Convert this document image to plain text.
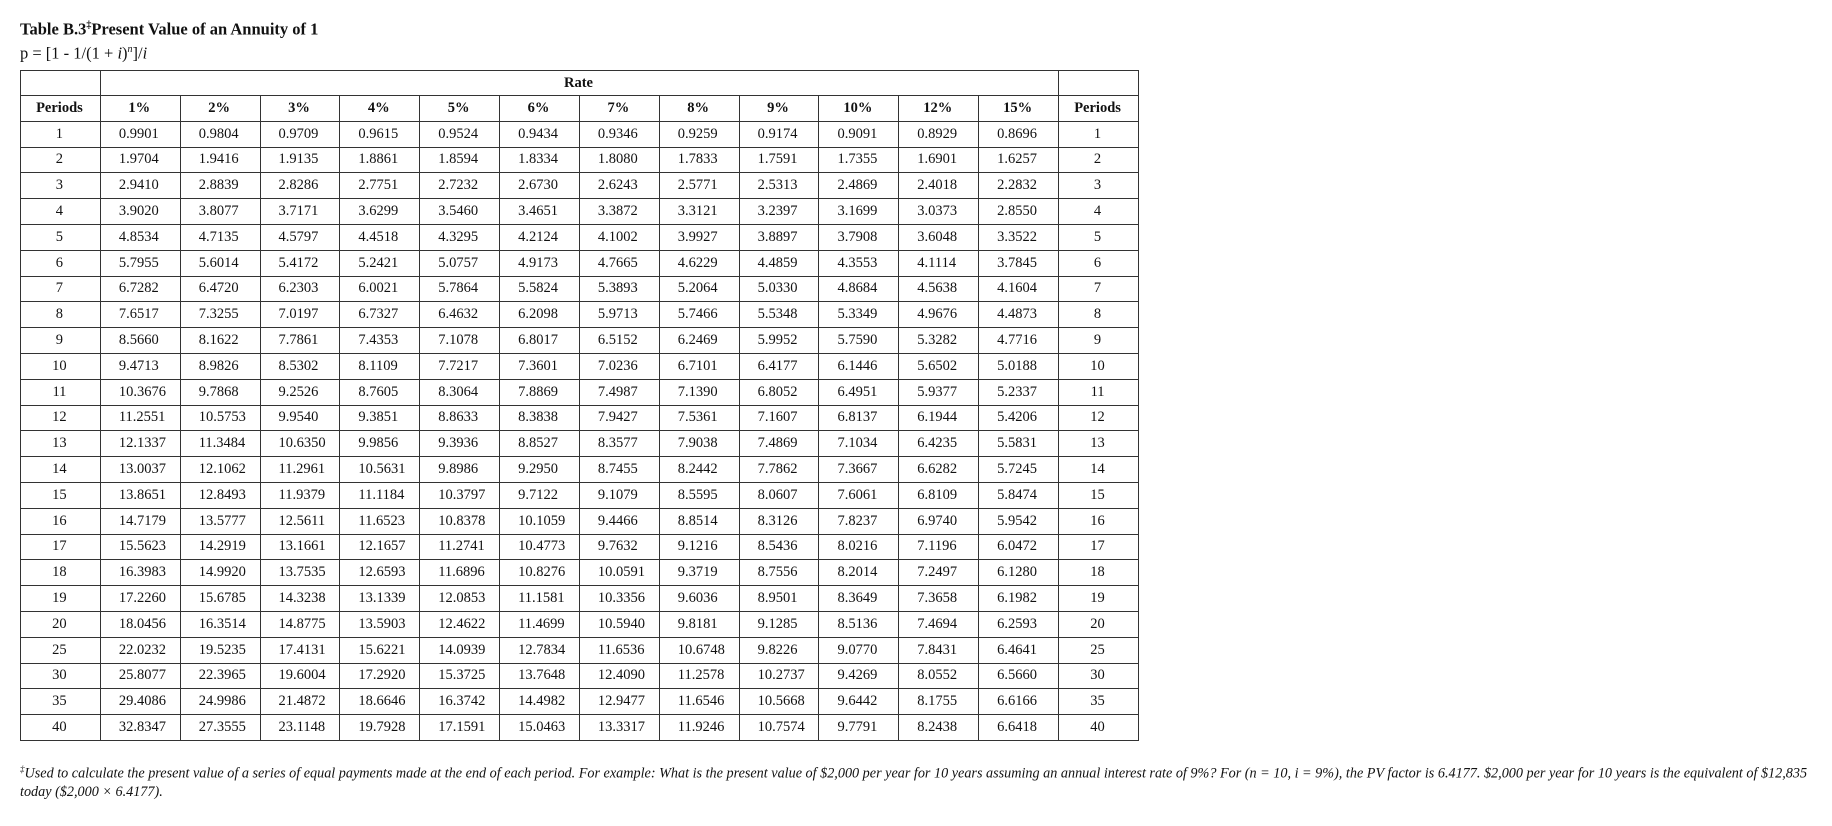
Table B.3‡Present Value of an Annuity of 1
$p = [1 - 1/(1 + i)^n]/i$
	Rate												
Periods	1%	2%	3%	4%	5%	6%	7%	8%	9%	10%	12%	15%	Periods
1	0.9901	0.9804	0.9709	0.9615	0.9524	0.9434	0.9346	0.9259	0.9174	0.9091	0.8929	0.8696	1
2	1.9704	1.9416	1.9135	1.8861	1.8594	1.8334	1.8080	1.7833	1.7591	1.7355	1.6901	1.6257	2
3	2.9410	2.8839	2.8286	2.7751	2.7232	2.6730	2.6243	2.5771	2.5313	2.4869	2.4018	2.2832	3
4	3.9020	3.8077	3.7171	3.6299	3.5460	3.4651	3.3872	3.3121	3.2397	3.1699	3.0373	2.8550	4
5	4.8534	4.7135	4.5797	4.4518	4.3295	4.2124	4.1002	3.9927	3.8897	3.7908	3.6048	3.3522	5
6	5.7955	5.6014	5.4172	5.2421	5.0757	4.9173	4.7665	4.6229	4.4859	4.3553	4.1114	3.7845	6
7	6.7282	6.4720	6.2303	6.0021	5.7864	5.5824	5.3893	5.2064	5.0330	4.8684	4.5638	4.1604	7
8	7.6517	7.3255	7.0197	6.7327	6.4632	6.2098	5.9713	5.7466	5.5348	5.3349	4.9676	4.4873	8
9	8.5660	8.1622	7.7861	7.4353	7.1078	6.8017	6.5152	6.2469	5.9952	5.7590	5.3282	4.7716	9
10	9.4713	8.9826	8.5302	8.1109	7.7217	7.3601	7.0236	6.7101	6.4177	6.1446	5.6502	5.0188	10
11	10.3676	9.7868	9.2526	8.7605	8.3064	7.8869	7.4987	7.1390	6.8052	6.4951	5.9377	5.2337	11
12	11.2551	10.5753	9.9540	9.3851	8.8633	8.3838	7.9427	7.5361	7.1607	6.8137	6.1944	5.4206	12
13	12.1337	11.3484	10.6350	9.9856	9.3936	8.8527	8.3577	7.9038	7.4869	7.1034	6.4235	5.5831	13
14	13.0037	12.1062	11.2961	10.5631	9.8986	9.2950	8.7455	8.2442	7.7862	7.3667	6.6282	5.7245	14
15	13.8651	12.8493	11.9379	11.1184	10.3797	9.7122	9.1079	8.5595	8.0607	7.6061	6.8109	5.8474	15
16	14.7179	13.5777	12.5611	11.6523	10.8378	10.1059	9.4466	8.8514	8.3126	7.8237	6.9740	5.9542	16
17	15.5623	14.2919	13.1661	12.1657	11.2741	10.4773	9.7632	9.1216	8.5436	8.0216	7.1196	6.0472	17
18	16.3983	14.9920	13.7535	12.6593	11.6896	10.8276	10.0591	9.3719	8.7556	8.2014	7.2497	6.1280	18
19	17.2260	15.6785	14.3238	13.1339	12.0853	11.1581	10.3356	9.6036	8.9501	8.3649	7.3658	6.1982	19
20	18.0456	16.3514	14.8775	13.5903	12.4622	11.4699	10.5940	9.8181	9.1285	8.5136	7.4694	6.2593	20
25	22.0232	19.5235	17.4131	15.6221	14.0939	12.7834	11.6536	10.6748	9.8226	9.0770	7.8431	6.4641	25
30	25.8077	22.3965	19.6004	17.2920	15.3725	13.7648	12.4090	11.2578	10.2737	9.4269	8.0552	6.5660	30
35	29.4086	24.9986	21.4872	18.6646	16.3742	14.4982	12.9477	11.6546	10.5668	9.6442	8.1755	6.6166	35
40	32.8347	27.3555	23.1148	19.7928	17.1591	15.0463	13.3317	11.9246	10.7574	9.7791	8.2438	6.6418	40
‡Used to calculate the present value of a series of equal payments made at the end of each period. For example: What is the present value of $2,000 per year for 10 years assuming an annual interest rate of 9%? For (n = 10, i = 9%), the PV factor is 6.4177. $2,000 per year for 10 years is the equivalent of $12,835 today ($2,000 × 6.4177).
